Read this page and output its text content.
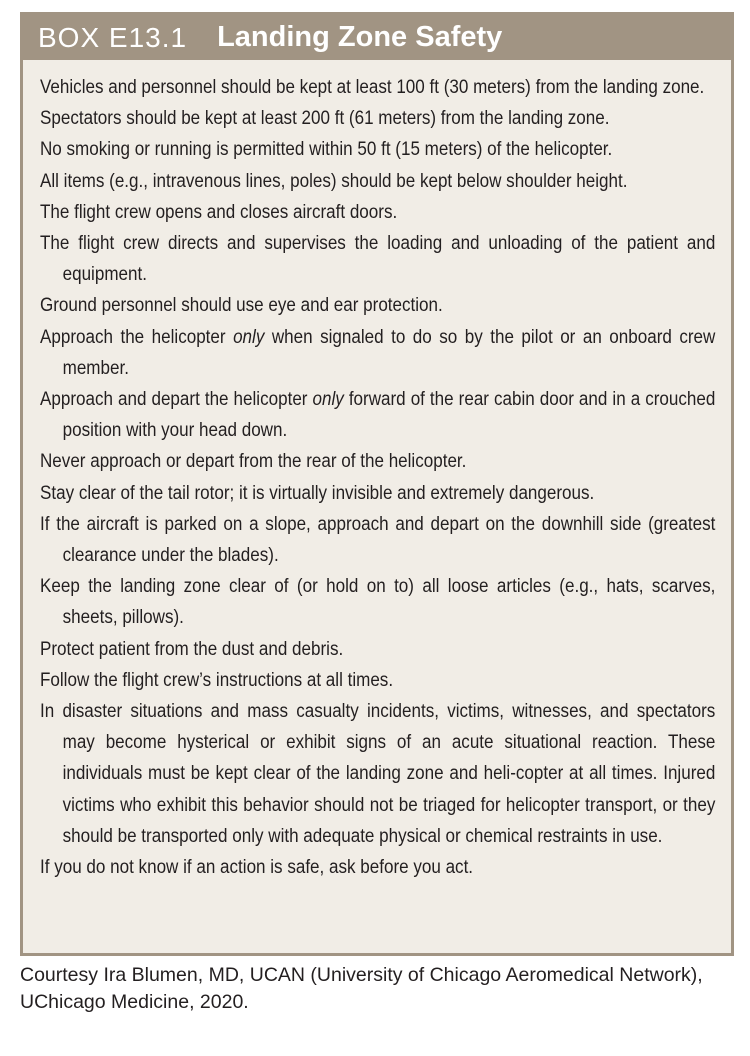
BOX E13.1 Landing Zone Safety
Vehicles and personnel should be kept at least 100 ft (30 meters) from the landing zone.
Spectators should be kept at least 200 ft (61 meters) from the landing zone.
No smoking or running is permitted within 50 ft (15 meters) of the helicopter.
All items (e.g., intravenous lines, poles) should be kept below shoulder height.
The flight crew opens and closes aircraft doors.
The flight crew directs and supervises the loading and unloading of the patient and equipment.
Ground personnel should use eye and ear protection.
Approach the helicopter only when signaled to do so by the pilot or an onboard crew member.
Approach and depart the helicopter only forward of the rear cabin door and in a crouched position with your head down.
Never approach or depart from the rear of the helicopter.
Stay clear of the tail rotor; it is virtually invisible and extremely dangerous.
If the aircraft is parked on a slope, approach and depart on the downhill side (greatest clearance under the blades).
Keep the landing zone clear of (or hold on to) all loose articles (e.g., hats, scarves, sheets, pillows).
Protect patient from the dust and debris.
Follow the flight crew’s instructions at all times.
In disaster situations and mass casualty incidents, victims, witnesses, and spectators may become hysterical or exhibit signs of an acute situational reaction. These individuals must be kept clear of the landing zone and heli-copter at all times. Injured victims who exhibit this behavior should not be triaged for helicopter transport, or they should be transported only with adequate physical or chemical restraints in use.
If you do not know if an action is safe, ask before you act.
Courtesy Ira Blumen, MD, UCAN (University of Chicago Aeromedical Network), UChicago Medicine, 2020.
